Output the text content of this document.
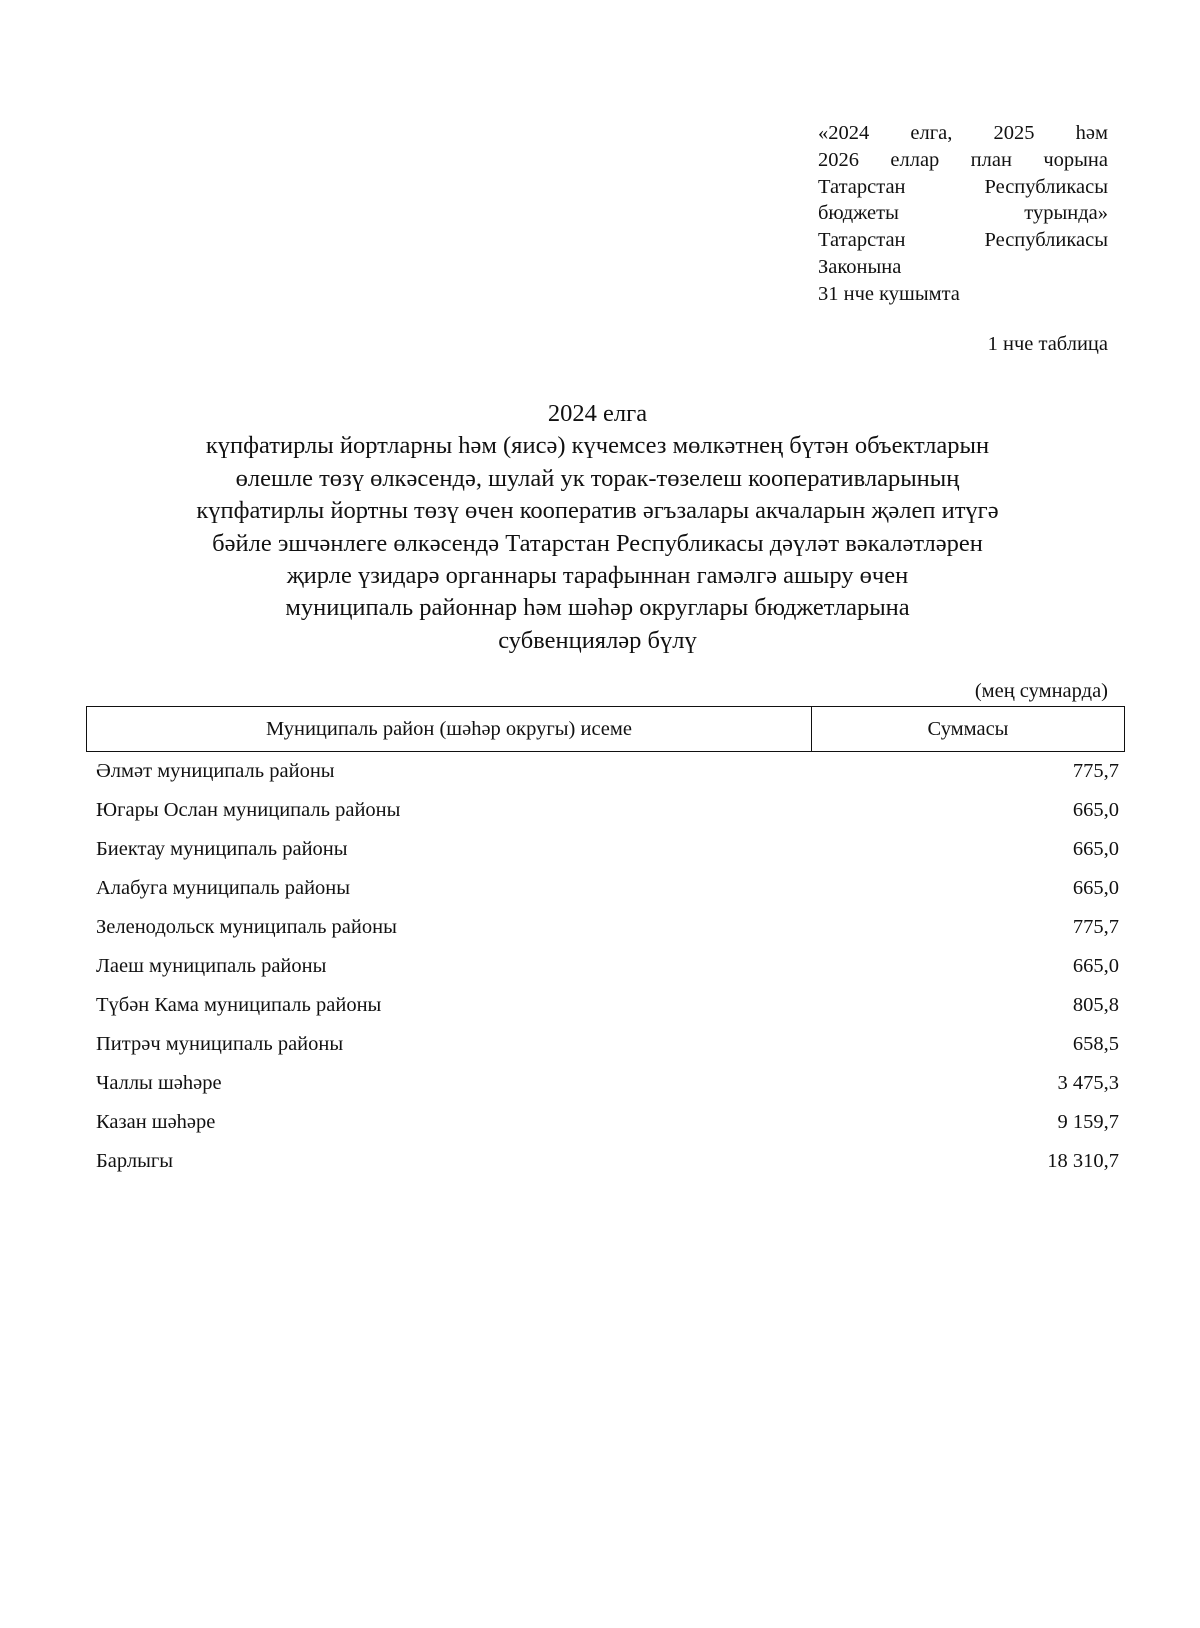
«2024 елга, 2025 һәм
2026 еллар план чорына
Татарстан Республикасы
бюджеты турында»
Татарстан Республикасы
Законына
31 нче кушымта
1 нче таблица
2024 елга
күпфатирлы йортларны һәм (яисә) күчемсез мөлкәтнең бүтән объектларын
өлешле төзү өлкәсендә, шулай ук торак-төзелеш кооперативларының
күпфатирлы йортны төзү өчен кооператив әгъзалары акчаларын җәлеп итүгә
бәйле эшчәнлеге өлкәсендә Татарстан Республикасы дәүләт вәкаләтләрен
җирле үзидарә органнары тарафыннан гамәлгә ашыру өчен
муниципаль районнар һәм шәһәр округлары бюджетларына
субвенцияләр бүлү
(мең сумнарда)
Муниципаль район (шәһәр округы) исеме	Суммасы
Әлмәт муниципаль районы	775,7
Югары Ослан муниципаль районы	665,0
Биектау муниципаль районы	665,0
Алабуга муниципаль районы	665,0
Зеленодольск муниципаль районы	775,7
Лаеш муниципаль районы	665,0
Түбән Кама муниципаль районы	805,8
Питрәч муниципаль районы	658,5
Чаллы шәһәре	3 475,3
Казан шәһәре	9 159,7
Барлыгы	18 310,7
